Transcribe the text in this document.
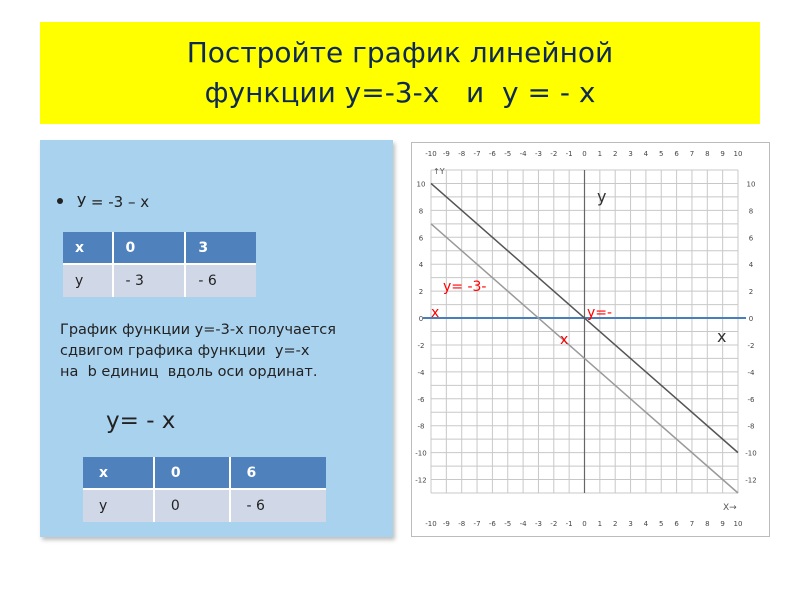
Постройте график линейной
функции у=-3-х   и  у = - х
У = -3 – х
х	0	3
у	- 3	- 6
График функции у=-3-х получается
сдвигом графика функции  у=-х
на  b единиц  вдоль оси ординат.
у= - х
х	0	6
у	0	- 6
-10 -9 -8 -7 -6 -5 -4 -3 -2 -1 0 1 2 3 4 5 6 7 8 9 10
-10 -9 -8 -7 -6 -5 -4 -3 -2 -1 0 1 2 3 4 5 6 7 8 9 10
10	10
8	8
6	6
4	4
2	2
0	0
-2	-2
-4	-4
-6	-6
-8	-8
-10	-10
-12	-12
↑Y
X→
у
х
у= -3-
х	у=-
х
